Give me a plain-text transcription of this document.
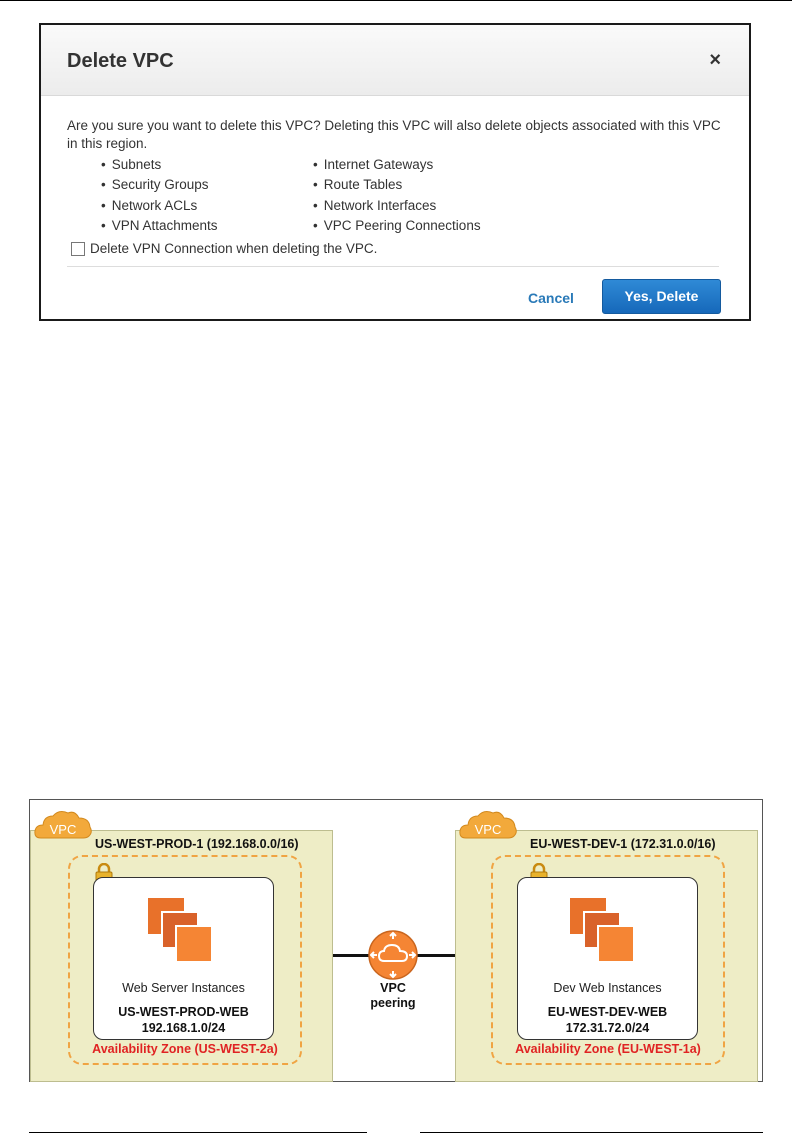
Delete VPC	×
Are you sure you want to delete this VPC? Deleting this VPC will also delete objects associated with this VPC in this region.
• Subnets
• Security Groups
• Network ACLs
• VPN Attachments
• Internet Gateways
• Route Tables
• Network Interfaces
• VPC Peering Connections
Delete VPN Connection when deleting the VPC.
Cancel	Yes, Delete
VPC
US-WEST-PROD-1 (192.168.0.0/16)
Web Server Instances
US-WEST-PROD-WEB
192.168.1.0/24
Availability Zone (US-WEST-2a)
VPC
peering
VPC
EU-WEST-DEV-1 (172.31.0.0/16)
Dev Web Instances
EU-WEST-DEV-WEB
172.31.72.0/24
Availability Zone (EU-WEST-1a)
